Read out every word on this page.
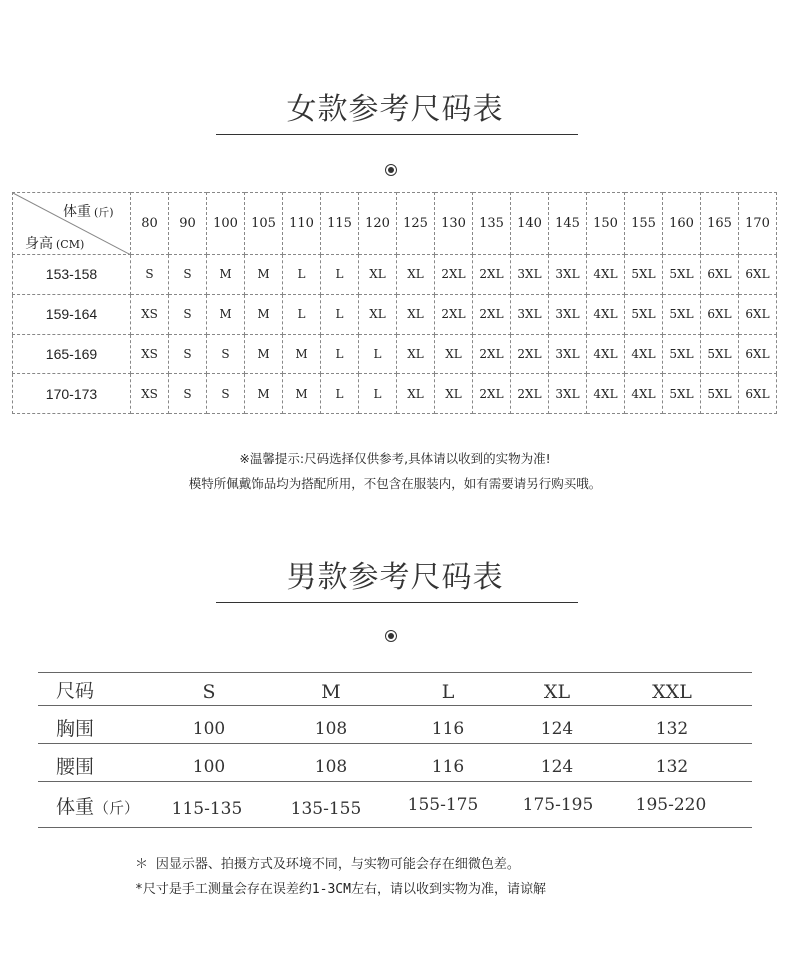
女款参考尺码表
体重 (斤)
身高 (CM)	80	90	100	105	110	115	120	125	130	135	140	145	150	155	160	165	170
153-158	S	S	M	M	L	L	XL	XL	2XL	2XL	3XL	3XL	4XL	5XL	5XL	6XL	6XL
159-164	XS	S	M	M	L	L	XL	XL	2XL	2XL	3XL	3XL	4XL	5XL	5XL	6XL	6XL
165-169	XS	S	S	M	M	L	L	XL	XL	2XL	2XL	3XL	4XL	4XL	5XL	5XL	6XL
170-173	XS	S	S	M	M	L	L	XL	XL	2XL	2XL	3XL	4XL	4XL	5XL	5XL	6XL
※温馨提示:尺码选择仅供参考,具体请以收到的实物为准!
模特所佩戴饰品均为搭配所用，不包含在服装内，如有需要请另行购买哦。
男款参考尺码表
尺码	S	M	L	XL	XXL
胸围	100	108	116	124	132
腰围	100	108	116	124	132
体重（斤）	115-135	135-155	155-175	175-195	195-220
＊ 因显示器、拍摄方式及环境不同，与实物可能会存在细微色差。
*尺寸是手工测量会存在误差约1-3CM左右，请以收到实物为准，请谅解
